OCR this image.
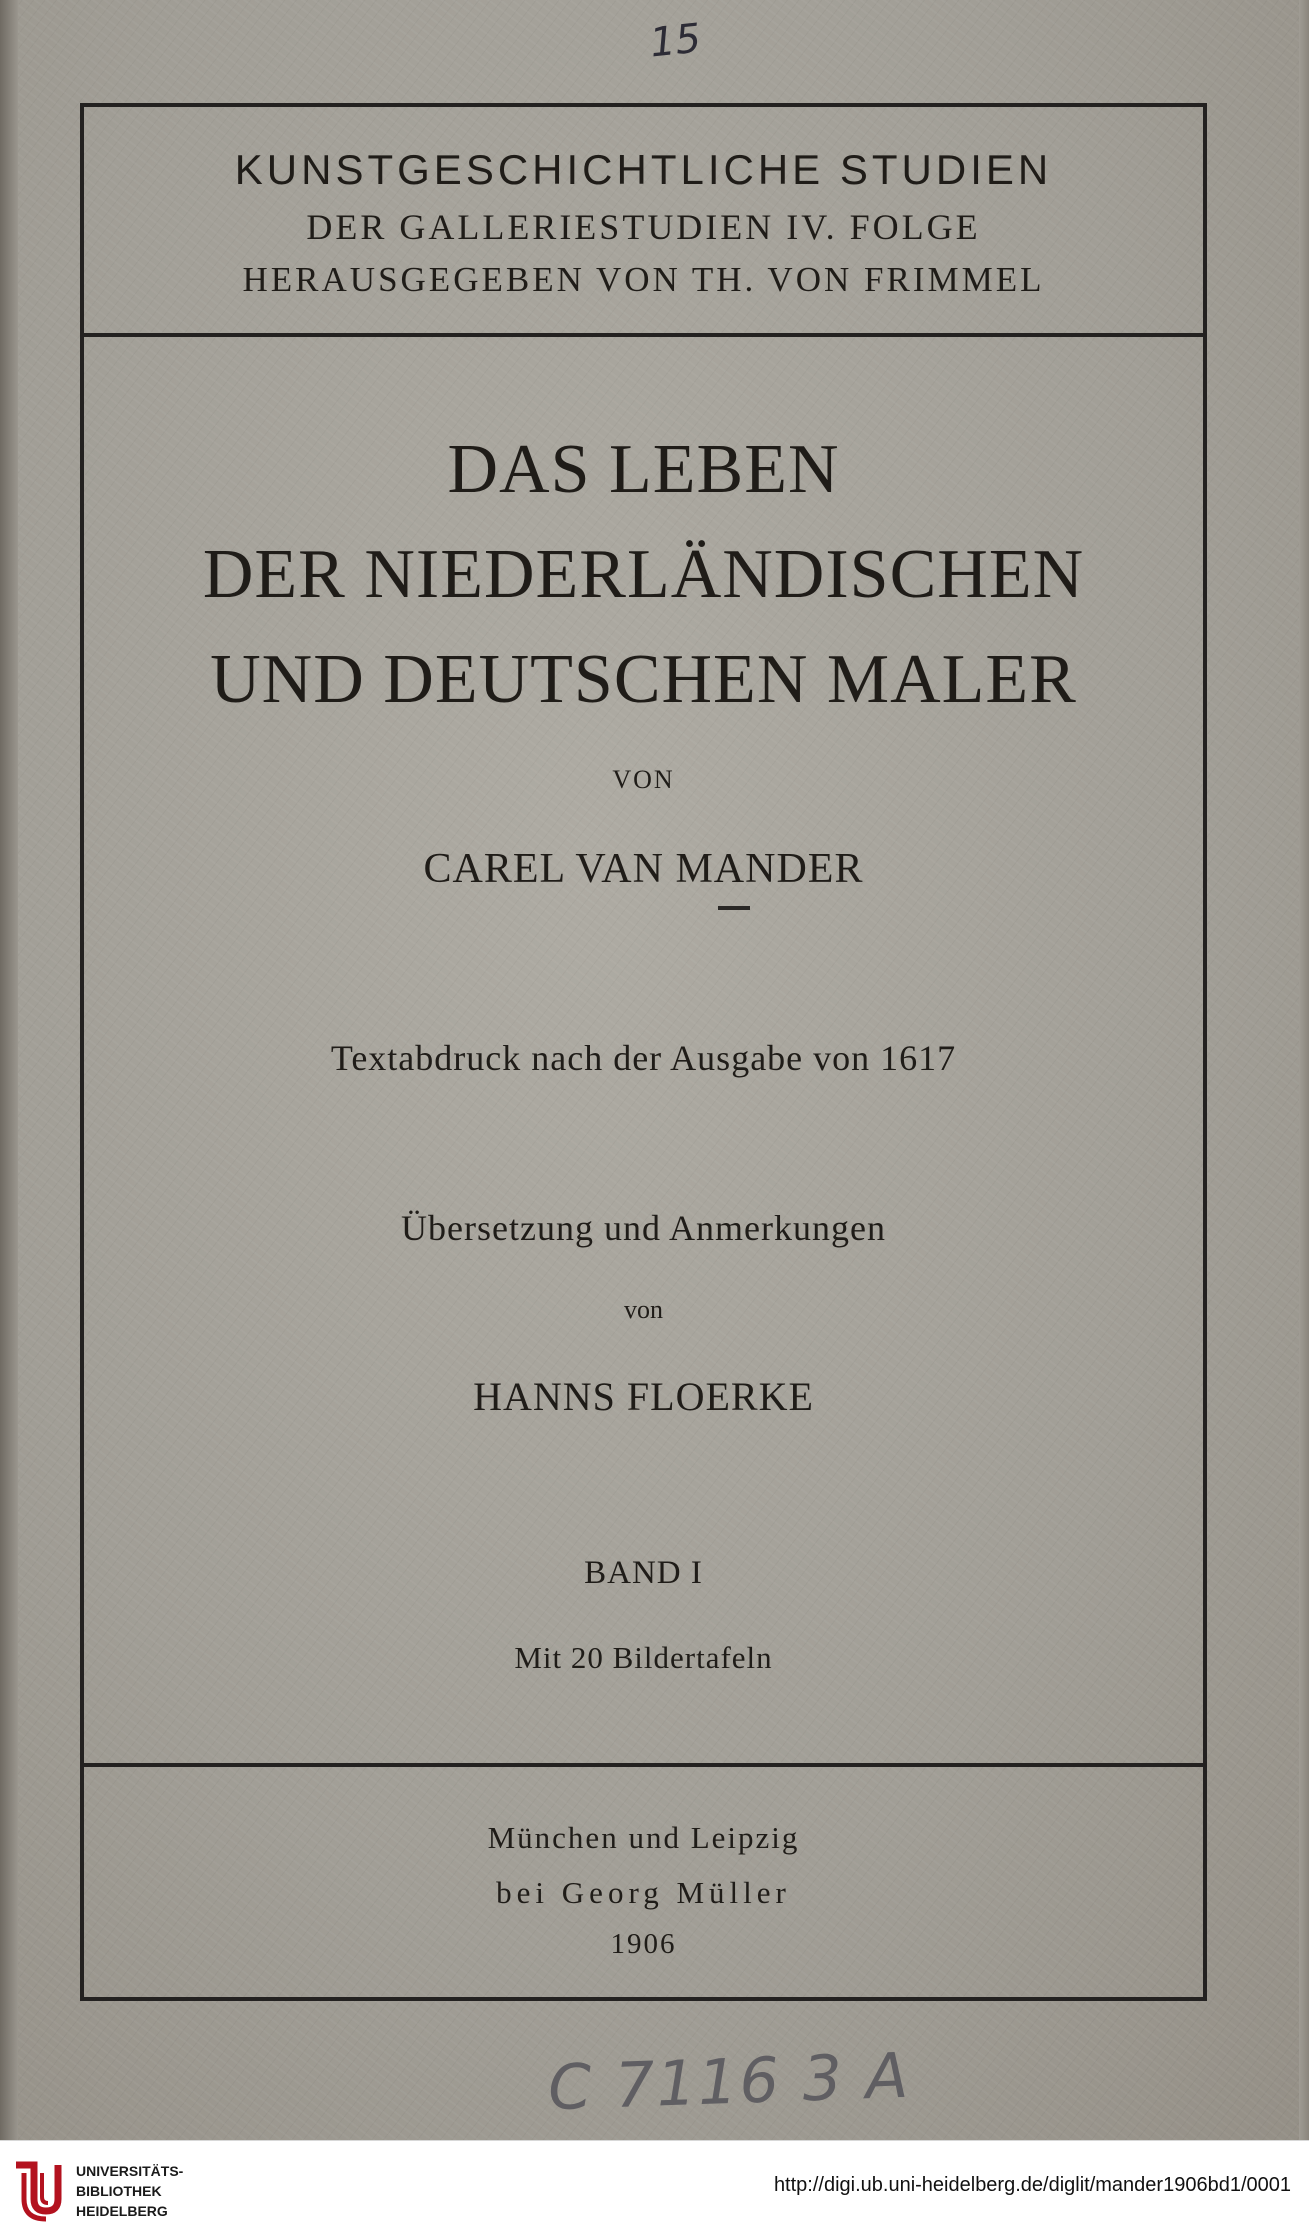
15
KUNSTGESCHICHTLICHE STUDIEN
DER GALLERIESTUDIEN IV. FOLGE
HERAUSGEGEBEN VON TH. VON FRIMMEL
DAS LEBEN
DER NIEDERLÄNDISCHEN
UND DEUTSCHEN MALER
VON
CAREL VAN MANDER
Textabdruck nach der Ausgabe von 1617
Übersetzung und Anmerkungen
von
HANNS FLOERKE
BAND I
Mit 20 Bildertafeln
München und Leipzig
bei Georg Müller
1906
C 7116 3 A
UNIVERSITÄTS-
BIBLIOTHEK
HEIDELBERG
http://digi.ub.uni-heidelberg.de/diglit/mander1906bd1/0001
